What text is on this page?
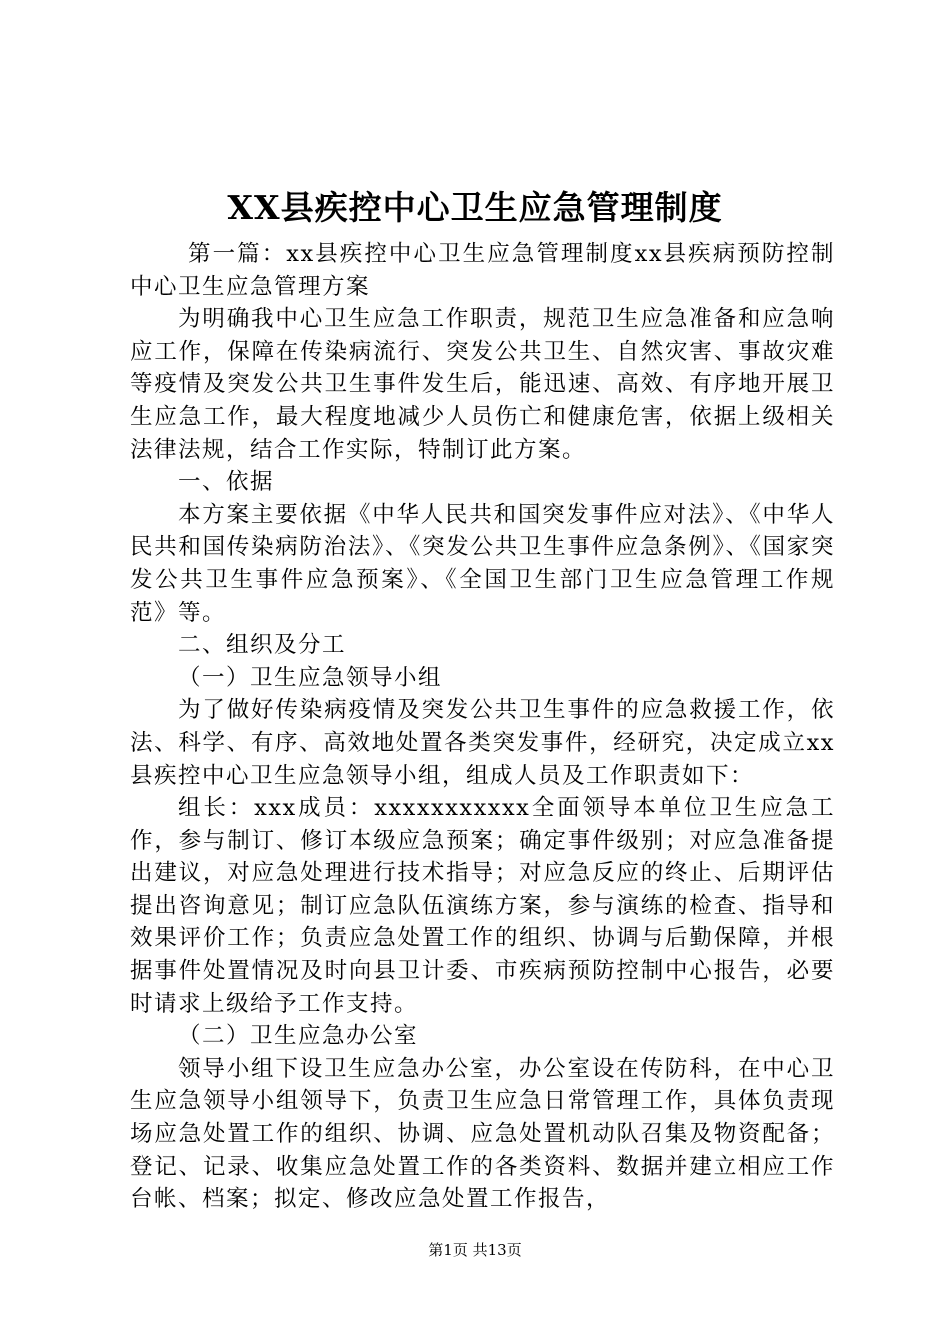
XX县疾控中心卫生应急管理制度

第一篇：xx县疾控中心卫生应急管理制度xx县疾病预防控制中心卫生应急管理方案

为明确我中心卫生应急工作职责，规范卫生应急准备和应急响应工作，保障在传染病流行、突发公共卫生、自然灾害、事故灾难等疫情及突发公共卫生事件发生后，能迅速、高效、有序地开展卫生应急工作，最大程度地减少人员伤亡和健康危害，依据上级相关法律法规，结合工作实际，特制订此方案。

一、依据

本方案主要依据《中华人民共和国突发事件应对法》、《中华人民共和国传染病防治法》、《突发公共卫生事件应急条例》、《国家突发公共卫生事件应急预案》、《全国卫生部门卫生应急管理工作规范》等。

二、组织及分工

（一）卫生应急领导小组

为了做好传染病疫情及突发公共卫生事件的应急救援工作，依法、科学、有序、高效地处置各类突发事件，经研究，决定成立xx县疾控中心卫生应急领导小组，组成人员及工作职责如下：

组长：xxx成员：xxxxxxxxxxx全面领导本单位卫生应急工作，参与制订、修订本级应急预案；确定事件级别；对应急准备提出建议，对应急处理进行技术指导；对应急反应的终止、后期评估提出咨询意见；制订应急队伍演练方案，参与演练的检查、指导和效果评价工作；负责应急处置工作的组织、协调与后勤保障，并根据事件处置情况及时向县卫计委、市疾病预防控制中心报告，必要时请求上级给予工作支持。

（二）卫生应急办公室

领导小组下设卫生应急办公室，办公室设在传防科，在中心卫生应急领导小组领导下，负责卫生应急日常管理工作，具体负责现场应急处置工作的组织、协调、应急处置机动队召集及物资配备；登记、记录、收集应急处置工作的各类资料、数据并建立相应工作台帐、档案；拟定、修改应急处置工作报告，

第1页 共13页
